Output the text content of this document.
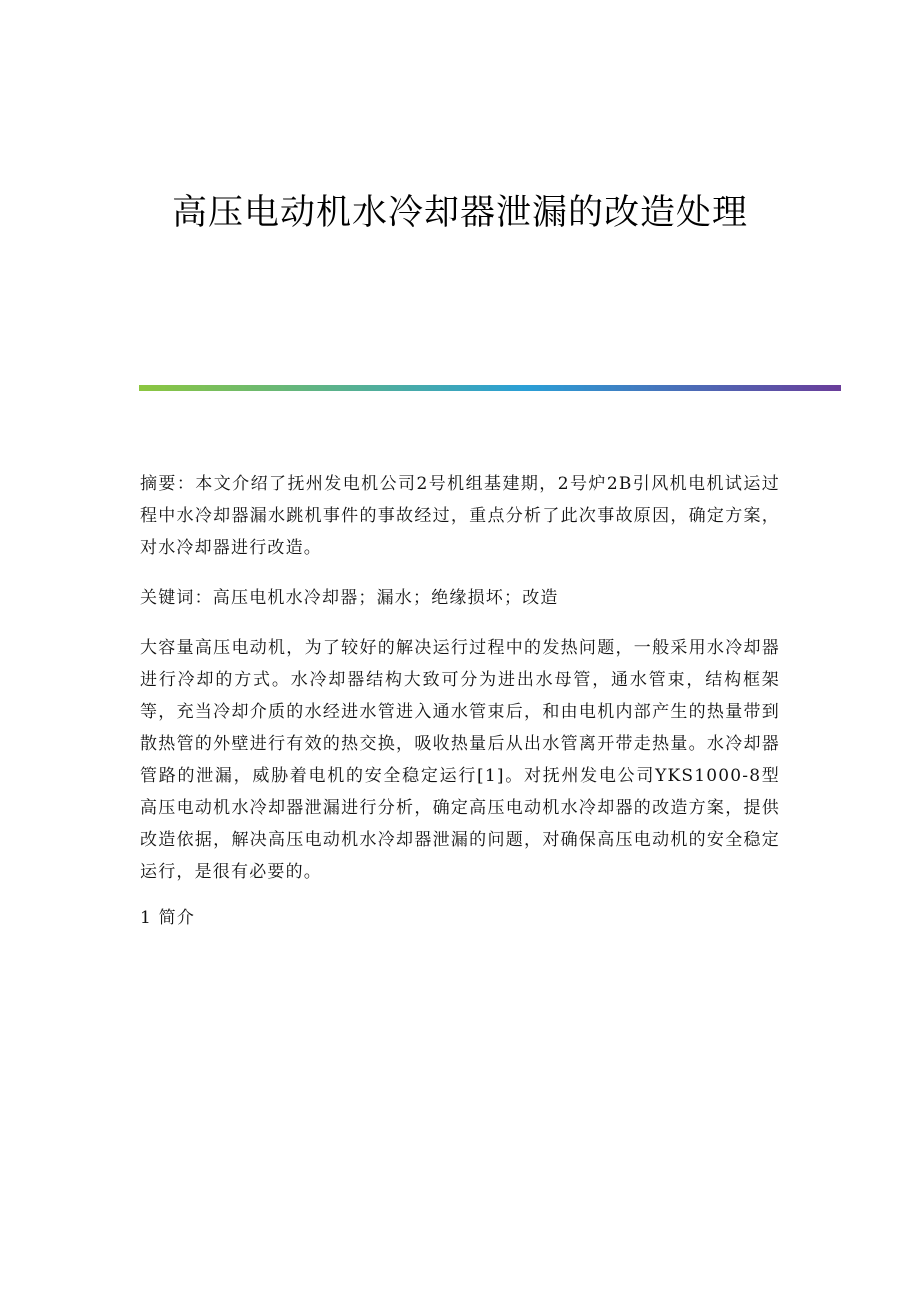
高压电动机水冷却器泄漏的改造处理

摘要：本文介绍了抚州发电机公司2号机组基建期，2号炉2B引风机电机试运过程中水冷却器漏水跳机事件的事故经过，重点分析了此次事故原因，确定方案，对水冷却器进行改造。

关键词：高压电机水冷却器；漏水；绝缘损坏；改造

大容量高压电动机，为了较好的解决运行过程中的发热问题，一般采用水冷却器进行冷却的方式。水冷却器结构大致可分为进出水母管，通水管束，结构框架等，充当冷却介质的水经进水管进入通水管束后，和由电机内部产生的热量带到散热管的外壁进行有效的热交换，吸收热量后从出水管离开带走热量。水冷却器管路的泄漏，威胁着电机的安全稳定运行[1]。对抚州发电公司YKS1000-8型高压电动机水冷却器泄漏进行分析，确定高压电动机水冷却器的改造方案，提供改造依据，解决高压电动机水冷却器泄漏的问题，对确保高压电动机的安全稳定运行，是很有必要的。

1 简介
